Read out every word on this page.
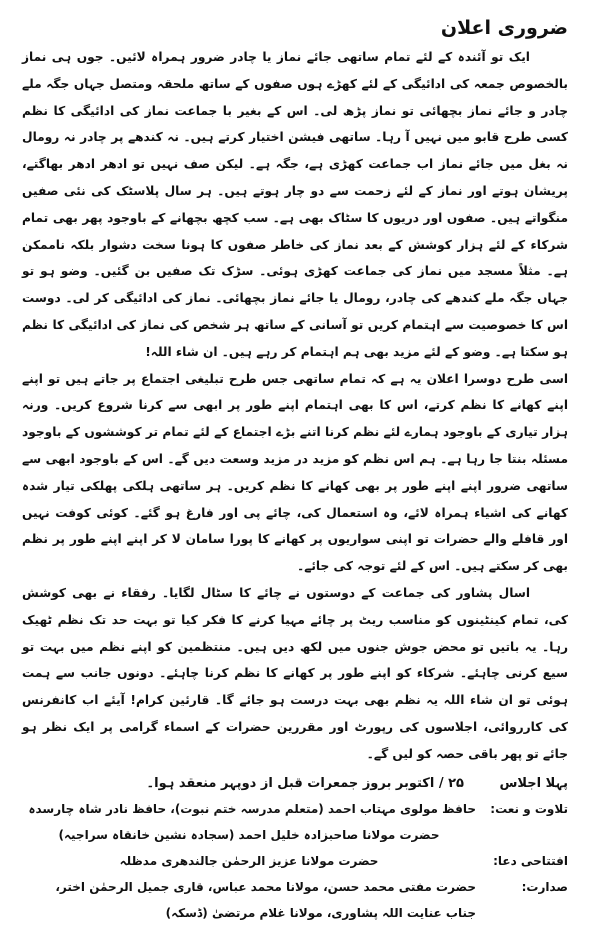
ضروری اعلان

ایک تو آئندہ کے لئے تمام ساتھی جائے نماز یا چادر ضرور ہمراہ لائیں۔ جوں ہی نماز بالخصوص جمعہ کی ادائیگی کے لئے کھڑے ہوں صفوں کے ساتھ ملحقہ ومتصل جہاں جگہ ملے چادر و جائے نماز بچھائی تو نماز پڑھ لی۔ اس کے بغیر با جماعت نماز کی ادائیگی کا نظم کسی طرح قابو میں نہیں آ رہا۔ ساتھی فیشن اختیار کرتے ہیں۔ نہ کندھے پر چادر نہ رومال نہ بغل میں جائے نماز اب جماعت کھڑی ہے، جگہ ہے۔ لیکن صف نہیں تو ادھر ادھر بھاگتے، پریشان ہوتے اور نماز کے لئے زحمت سے دو چار ہوتے ہیں۔ ہر سال پلاسٹک کی نئی صفیں منگواتے ہیں۔ صفوں اور دریوں کا سٹاک بھی ہے۔ سب کچھ بچھانے کے باوجود پھر بھی تمام شرکاء کے لئے ہزار کوشش کے بعد نماز کی خاطر صفوں کا ہونا سخت دشوار بلکہ ناممکن ہے۔ مثلاً مسجد میں نماز کی جماعت کھڑی ہوئی۔ سڑک تک صفیں بن گئیں۔ وضو ہو تو جہاں جگہ ملے کندھے کی چادر، رومال یا جائے نماز بچھائی۔ نماز کی ادائیگی کر لی۔ دوست اس کا خصوصیت سے اہتمام کریں تو آسانی کے ساتھ ہر شخص کی نماز کی ادائیگی کا نظم ہو سکتا ہے۔ وضو کے لئے مزید بھی ہم اہتمام کر رہے ہیں۔ ان شاء اللہ!

اسی طرح دوسرا اعلان یہ ہے کہ تمام ساتھی جس طرح تبلیغی اجتماع پر جاتے ہیں تو اپنے اپنے کھانے کا نظم کرتے، اس کا بھی اہتمام اپنے طور پر ابھی سے کرنا شروع کریں۔ ورنہ ہزار تیاری کے باوجود ہمارے لئے نظم کرنا اتنے بڑے اجتماع کے لئے تمام تر کوششوں کے باوجود مسئلہ بنتا جا رہا ہے۔ ہم اس نظم کو مزید در مزید وسعت دیں گے۔ اس کے باوجود ابھی سے ساتھی ضرور اپنے اپنے طور پر بھی کھانے کا نظم کریں۔ ہر ساتھی ہلکی پھلکی تیار شدہ کھانے کی اشیاء ہمراہ لائے، وہ استعمال کی، چائے پی اور فارغ ہو گئے۔ کوئی کوفت نہیں اور قافلے والے حضرات تو اپنی سواریوں پر کھانے کا پورا سامان لا کر اپنے اپنے طور پر نظم بھی کر سکتے ہیں۔ اس کے لئے توجہ کی جائے۔

اسال پشاور کی جماعت کے دوستوں نے چائے کا سٹال لگایا۔ رفقاء نے بھی کوشش کی، تمام کینٹینوں کو مناسب ریٹ پر چائے مہیا کرنے کا فکر کیا تو بہت حد تک نظم ٹھیک رہا۔ یہ باتیں تو محض جوش جنوں میں لکھ دیں ہیں۔ منتظمین کو اپنے نظم میں بہت تو سیع کرنی چاہئے۔ شرکاء کو اپنے طور پر کھانے کا نظم کرنا چاہئے۔ دونوں جانب سے ہمت ہوئی تو ان شاء اللہ یہ نظم بھی بہت درست ہو جائے گا۔ قارئین کرام! آیئے اب کانفرنس کی کارروائی، اجلاسوں کی رپورٹ اور مقررین حضرات کے اسماء گرامی پر ایک نظر ہو جائے تو پھر باقی حصہ کو لیں گے۔

پہلا اجلاس
۲۵ / اکتوبر بروز جمعرات قبل از دوپہر منعقد ہوا۔
تلاوت و نعت:
حافظ مولوی مہتاب احمد (متعلم مدرسہ ختم نبوت)، حافظ نادر شاہ چارسدہ
حضرت مولانا صاحبزادہ خلیل احمد (سجادہ نشین خانقاہ سراجیہ)
افتتاحی دعا:
حضرت مولانا عزیز الرحمٰن جالندھری مدظلہ
صدارت:
حضرت مفتی محمد حسن، مولانا محمد عباس، قاری جمیل الرحمٰن اختر، جناب عنایت اللہ پشاوری، مولانا غلام مرتضیٰ (ڈسکہ)
